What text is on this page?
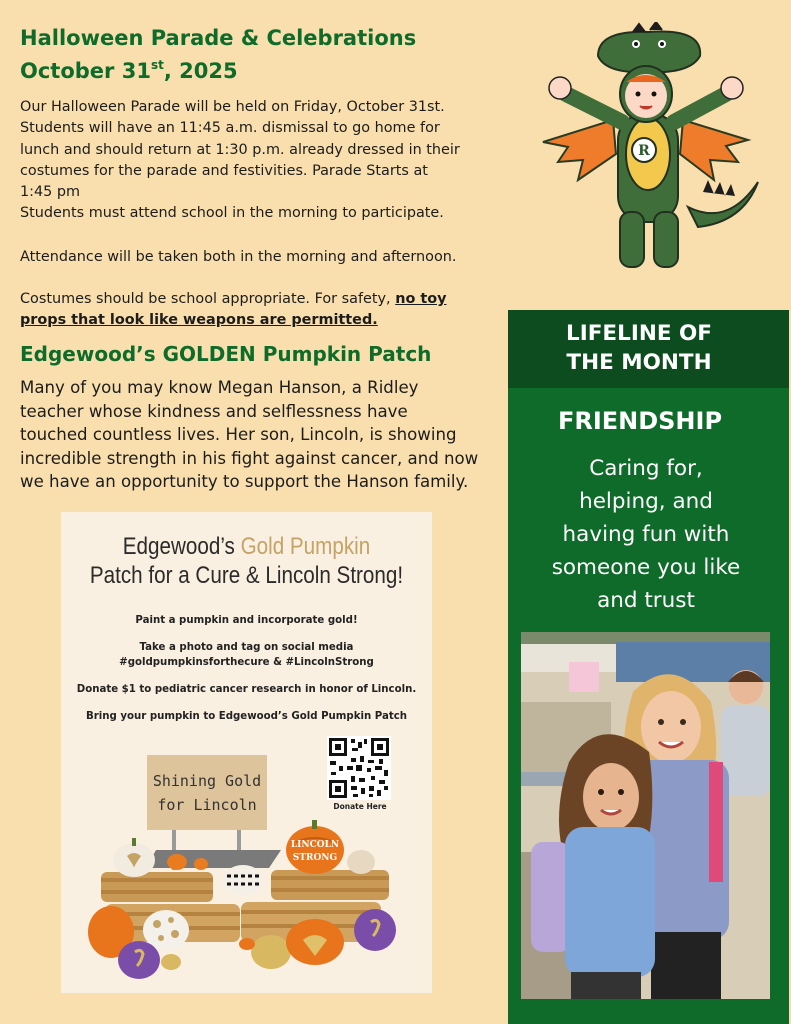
Halloween Parade & Celebrations
October 31st, 2025
Our Halloween Parade will be held on Friday, October 31st.
Students will have an 11:45 a.m. dismissal to go home for
lunch and should return at 1:30 p.m. already dressed in their
costumes for the parade and festivities. Parade Starts at
1:45 pm
Students must attend school in the morning to participate.
Attendance will be taken both in the morning and afternoon.
Costumes should be school appropriate. For safety, no toy
props that look like weapons are permitted.
Edgewood’s GOLDEN Pumpkin Patch
Many of you may know Megan Hanson, a Ridley
teacher whose kindness and selflessness have
touched countless lives. Her son, Lincoln, is showing
incredible strength in his fight against cancer, and now
we have an opportunity to support the Hanson family.
Edgewood’s Gold Pumpkin
Patch for a Cure & Lincoln Strong!
Paint a pumpkin and incorporate gold!
Take a photo and tag on social media
#goldpumpkinsforthecure & #LincolnStrong
Donate $1 to pediatric cancer research in honor of Lincoln.
Bring your pumpkin to Edgewood’s Gold Pumpkin Patch
Donate Here
Shining Gold
for Lincoln
LINCOLN
STRONG
R
LIFELINE OF
THE MONTH
FRIENDSHIP
Caring for,
helping, and
having fun with
someone you like
and trust
